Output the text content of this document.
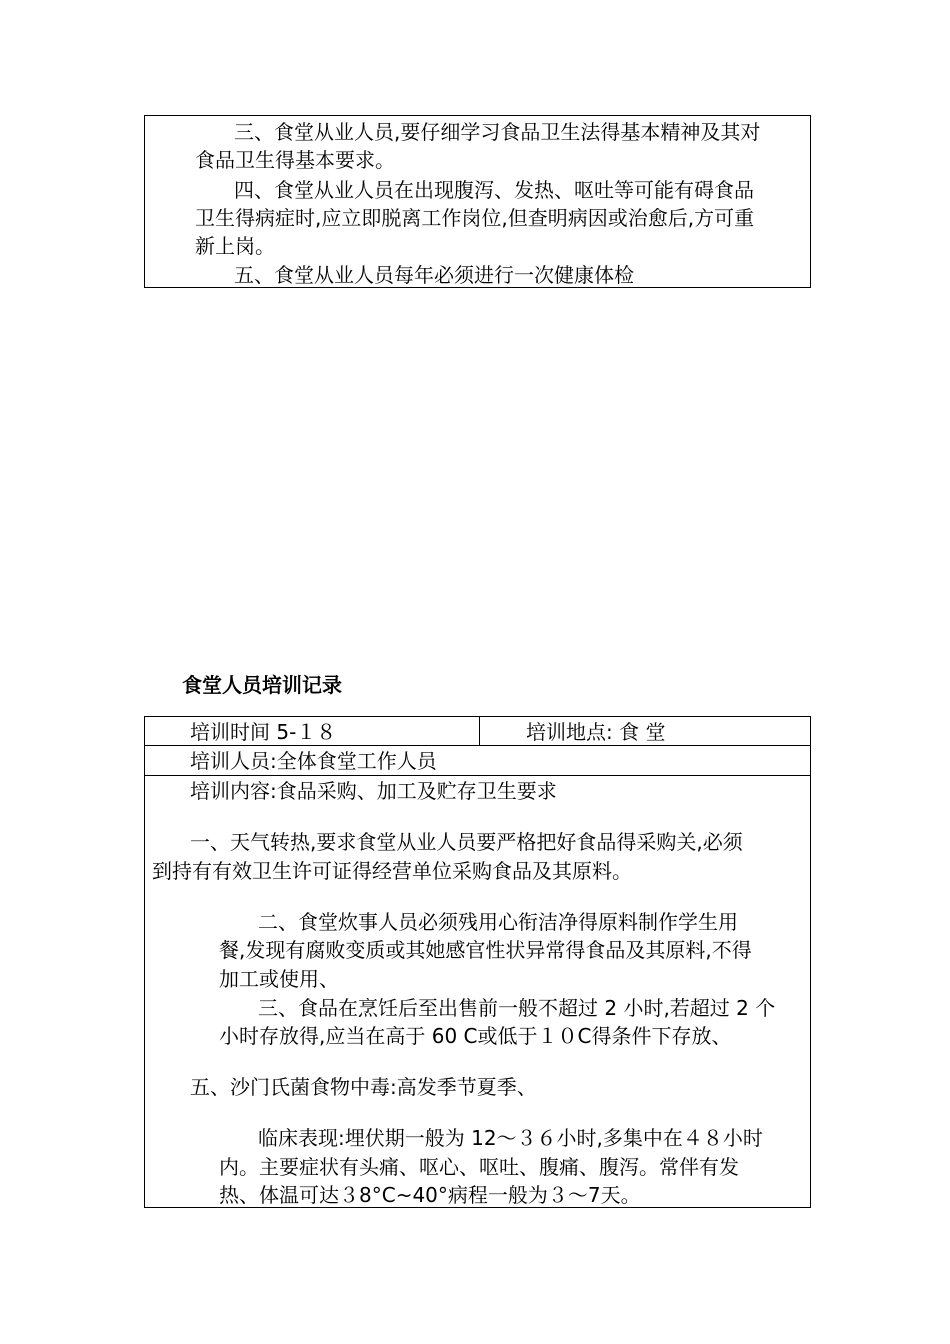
三、食堂从业人员,要仔细学习食品卫生法得基本精神及其对

食品卫生得基本要求。

四、食堂从业人员在出现腹泻、发热、呕吐等可能有碍食品

卫生得病症时,应立即脱离工作岗位,但查明病因或治愈后,方可重

新上岗。

五、食堂从业人员每年必须进行一次健康体检

食堂人员培训记录

培训时间 5-１８	培训地点: 食 堂

培训人员:全体食堂工作人员

培训内容:食品采购、加工及贮存卫生要求

一、天气转热,要求食堂从业人员要严格把好食品得采购关,必须

到持有有效卫生许可证得经营单位采购食品及其原料。

二、食堂炊事人员必须残用心衔洁净得原料制作学生用

餐,发现有腐败变质或其她感官性状异常得食品及其原料,不得

加工或使用、

三、食品在烹饪后至出售前一般不超过 2 小时,若超过 2 个

小时存放得,应当在高于 60 C或低于１０C得条件下存放、

五、沙门氏菌食物中毒:高发季节夏季、

临床表现:埋伏期一般为 12～３６小时,多集中在４８小时

内。主要症状有头痛、呕心、呕吐、腹痛、腹泻。常伴有发

热、体温可达３8°C~40°病程一般为３～7天。
